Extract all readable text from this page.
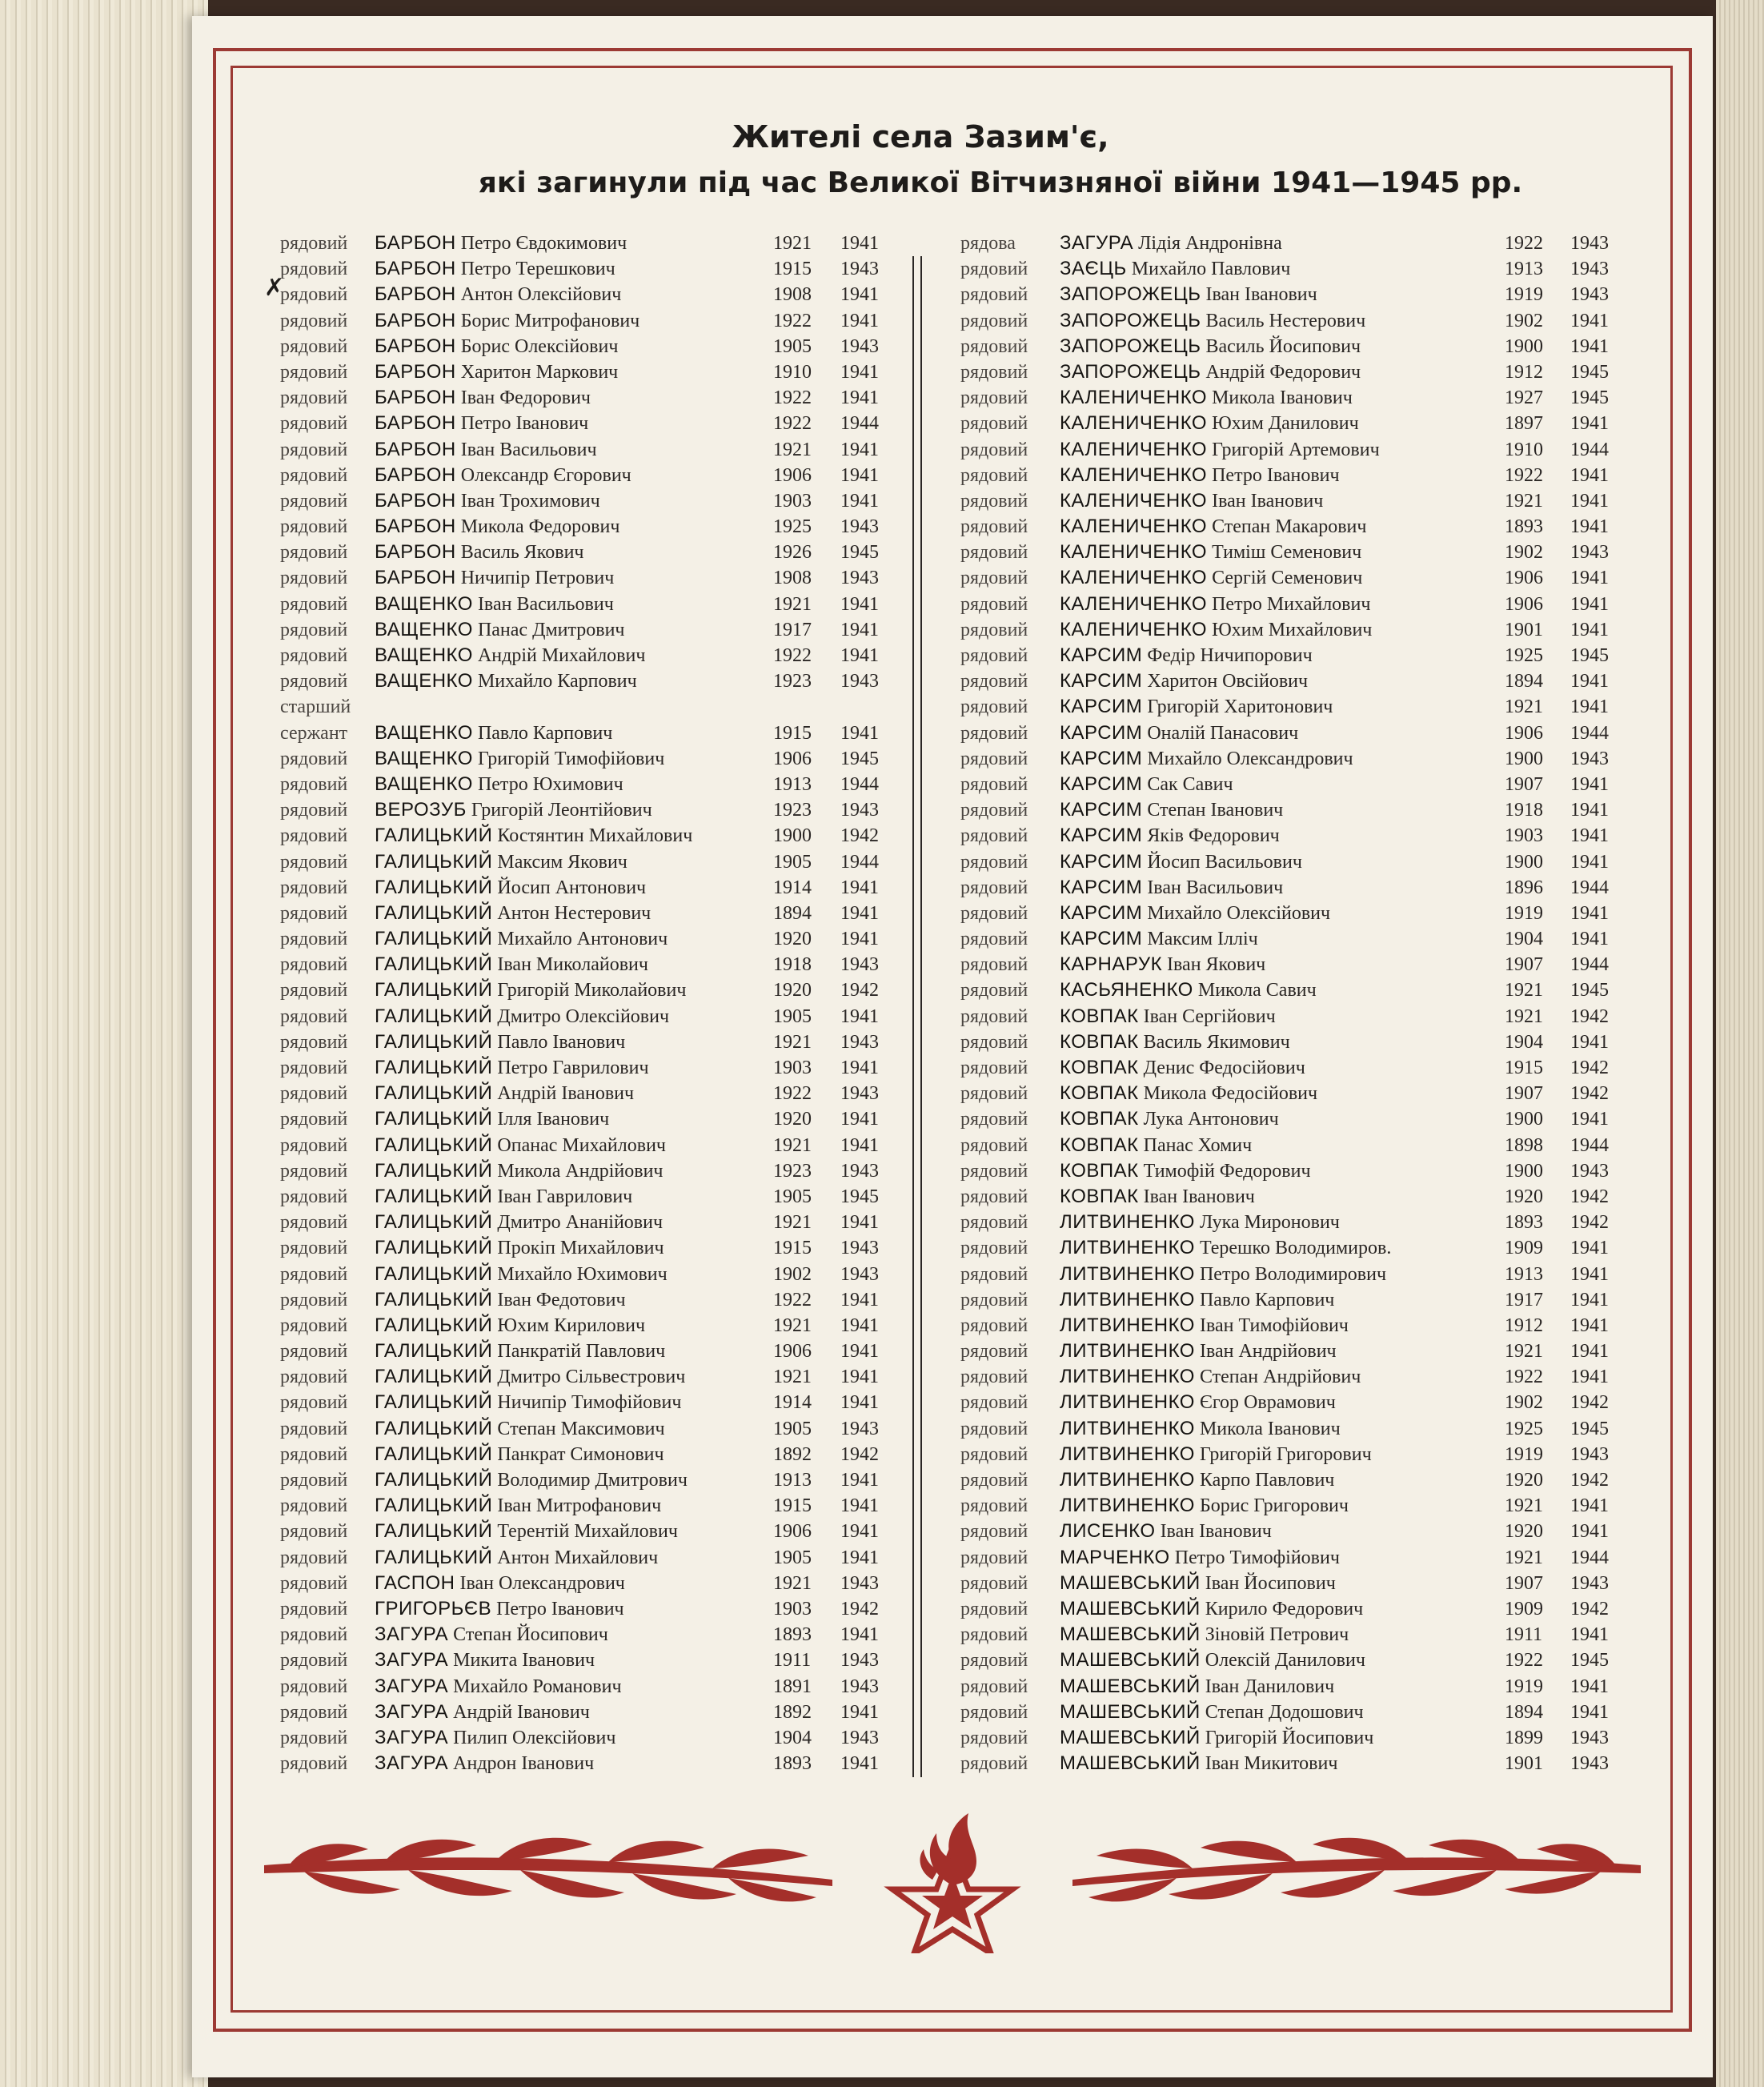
Жителі села Зазим'є,
які загинули під час Великої Вітчизняної війни 1941—1945 рр.
рядовий БАРБОН Петро Євдокимович	1921 1941
рядовий БАРБОН Петро Терешкович	1915 1943
рядовий БАРБОН Антон Олексійович	1908 1941
рядовий БАРБОН Борис Митрофанович	1922 1941
рядовий БАРБОН Борис Олексійович	1905 1943
рядовий БАРБОН Харитон Маркович	1910 1941
рядовий БАРБОН Іван Федорович	1922 1941
рядовий БАРБОН Петро Іванович	1922 1944
рядовий БАРБОН Іван Васильович	1921 1941
рядовий БАРБОН Олександр Єгорович	1906 1941
рядовий БАРБОН Іван Трохимович	1903 1941
рядовий БАРБОН Микола Федорович	1925 1943
рядовий БАРБОН Василь Якович	1926 1945
рядовий БАРБОН Ничипір Петрович	1908 1943
рядовий ВАЩЕНКО Іван Васильович	1921 1941
рядовий ВАЩЕНКО Панас Дмитрович	1917 1941
рядовий ВАЩЕНКО Андрій Михайлович	1922 1941
рядовий ВАЩЕНКО Михайло Карпович	1923 1943
старший
сержант ВАЩЕНКО Павло Карпович	1915 1941
рядовий ВАЩЕНКО Григорій Тимофійович	1906 1945
рядовий ВАЩЕНКО Петро Юхимович	1913 1944
рядовий ВЕРОЗУБ Григорій Леонтійович	1923 1943
рядовий ГАЛИЦЬКИЙ Костянтин Михайлович	1900 1942
рядовий ГАЛИЦЬКИЙ Максим Якович	1905 1944
рядовий ГАЛИЦЬКИЙ Йосип Антонович	1914 1941
рядовий ГАЛИЦЬКИЙ Антон Нестерович	1894 1941
рядовий ГАЛИЦЬКИЙ Михайло Антонович	1920 1941
рядовий ГАЛИЦЬКИЙ Іван Миколайович	1918 1943
рядовий ГАЛИЦЬКИЙ Григорій Миколайович	1920 1942
рядовий ГАЛИЦЬКИЙ Дмитро Олексійович	1905 1941
рядовий ГАЛИЦЬКИЙ Павло Іванович	1921 1943
рядовий ГАЛИЦЬКИЙ Петро Гаврилович	1903 1941
рядовий ГАЛИЦЬКИЙ Андрій Іванович	1922 1943
рядовий ГАЛИЦЬКИЙ Ілля Іванович	1920 1941
рядовий ГАЛИЦЬКИЙ Опанас Михайлович	1921 1941
рядовий ГАЛИЦЬКИЙ Микола Андрійович	1923 1943
рядовий ГАЛИЦЬКИЙ Іван Гаврилович	1905 1945
рядовий ГАЛИЦЬКИЙ Дмитро Ананійович	1921 1941
рядовий ГАЛИЦЬКИЙ Прокіп Михайлович	1915 1943
рядовий ГАЛИЦЬКИЙ Михайло Юхимович	1902 1943
рядовий ГАЛИЦЬКИЙ Іван Федотович	1922 1941
рядовий ГАЛИЦЬКИЙ Юхим Кирилович	1921 1941
рядовий ГАЛИЦЬКИЙ Панкратій Павлович	1906 1941
рядовий ГАЛИЦЬКИЙ Дмитро Сільвестрович	1921 1941
рядовий ГАЛИЦЬКИЙ Ничипір Тимофійович	1914 1941
рядовий ГАЛИЦЬКИЙ Степан Максимович	1905 1943
рядовий ГАЛИЦЬКИЙ Панкрат Симонович	1892 1942
рядовий ГАЛИЦЬКИЙ Володимир Дмитрович	1913 1941
рядовий ГАЛИЦЬКИЙ Іван Митрофанович	1915 1941
рядовий ГАЛИЦЬКИЙ Терентій Михайлович	1906 1941
рядовий ГАЛИЦЬКИЙ Антон Михайлович	1905 1941
рядовий ГАСПОН Іван Олександрович	1921 1943
рядовий ГРИГОРЬЄВ Петро Іванович	1903 1942
рядовий ЗАГУРА Степан Йосипович	1893 1941
рядовий ЗАГУРА Микита Іванович	1911 1943
рядовий ЗАГУРА Михайло Романович	1891 1943
рядовий ЗАГУРА Андрій Іванович	1892 1941
рядовий ЗАГУРА Пилип Олексійович	1904 1943
рядовий ЗАГУРА Андрон Іванович	1893 1941
рядова ЗАГУРА Лідія Андронівна	1922 1943
рядовий ЗАЄЦЬ Михайло Павлович	1913 1943
рядовий ЗАПОРОЖЕЦЬ Іван Іванович	1919 1943
рядовий ЗАПОРОЖЕЦЬ Василь Нестерович	1902 1941
рядовий ЗАПОРОЖЕЦЬ Василь Йосипович	1900 1941
рядовий ЗАПОРОЖЕЦЬ Андрій Федорович	1912 1945
рядовий КАЛЕНИЧЕНКО Микола Іванович	1927 1945
рядовий КАЛЕНИЧЕНКО Юхим Данилович	1897 1941
рядовий КАЛЕНИЧЕНКО Григорій Артемович	1910 1944
рядовий КАЛЕНИЧЕНКО Петро Іванович	1922 1941
рядовий КАЛЕНИЧЕНКО Іван Іванович	1921 1941
рядовий КАЛЕНИЧЕНКО Степан Макарович	1893 1941
рядовий КАЛЕНИЧЕНКО Тиміш Семенович	1902 1943
рядовий КАЛЕНИЧЕНКО Сергій Семенович	1906 1941
рядовий КАЛЕНИЧЕНКО Петро Михайлович	1906 1941
рядовий КАЛЕНИЧЕНКО Юхим Михайлович	1901 1941
рядовий КАРСИМ Федір Ничипорович	1925 1945
рядовий КАРСИМ Харитон Овсійович	1894 1941
рядовий КАРСИМ Григорій Харитонович	1921 1941
рядовий КАРСИМ Оналій Панасович	1906 1944
рядовий КАРСИМ Михайло Олександрович	1900 1943
рядовий КАРСИМ Сак Савич	1907 1941
рядовий КАРСИМ Степан Іванович	1918 1941
рядовий КАРСИМ Яків Федорович	1903 1941
рядовий КАРСИМ Йосип Васильович	1900 1941
рядовий КАРСИМ Іван Васильович	1896 1944
рядовий КАРСИМ Михайло Олексійович	1919 1941
рядовий КАРСИМ Максим Ілліч	1904 1941
рядовий КАРНАРУК Іван Якович	1907 1944
рядовий КАСЬЯНЕНКО Микола Савич	1921 1945
рядовий КОВПАК Іван Сергійович	1921 1942
рядовий КОВПАК Василь Якимович	1904 1941
рядовий КОВПАК Денис Федосійович	1915 1942
рядовий КОВПАК Микола Федосійович	1907 1942
рядовий КОВПАК Лука Антонович	1900 1941
рядовий КОВПАК Панас Хомич	1898 1944
рядовий КОВПАК Тимофій Федорович	1900 1943
рядовий КОВПАК Іван Іванович	1920 1942
рядовий ЛИТВИНЕНКО Лука Миронович	1893 1942
рядовий ЛИТВИНЕНКО Терешко Володимиров.	1909 1941
рядовий ЛИТВИНЕНКО Петро Володимирович	1913 1941
рядовий ЛИТВИНЕНКО Павло Карпович	1917 1941
рядовий ЛИТВИНЕНКО Іван Тимофійович	1912 1941
рядовий ЛИТВИНЕНКО Іван Андрійович	1921 1941
рядовий ЛИТВИНЕНКО Степан Андрійович	1922 1941
рядовий ЛИТВИНЕНКО Єгор Оврамович	1902 1942
рядовий ЛИТВИНЕНКО Микола Іванович	1925 1945
рядовий ЛИТВИНЕНКО Григорій Григорович	1919 1943
рядовий ЛИТВИНЕНКО Карпо Павлович	1920 1942
рядовий ЛИТВИНЕНКО Борис Григорович	1921 1941
рядовий ЛИСЕНКО Іван Іванович	1920 1941
рядовий МАРЧЕНКО Петро Тимофійович	1921 1944
рядовий МАШЕВСЬКИЙ Іван Йосипович	1907 1943
рядовий МАШЕВСЬКИЙ Кирило Федорович	1909 1942
рядовий МАШЕВСЬКИЙ Зіновій Петрович	1911 1941
рядовий МАШЕВСЬКИЙ Олексій Данилович	1922 1945
рядовий МАШЕВСЬКИЙ Іван Данилович	1919 1941
рядовий МАШЕВСЬКИЙ Степан Додошович	1894 1941
рядовий МАШЕВСЬКИЙ Григорій Йосипович	1899 1943
рядовий МАШЕВСЬКИЙ Іван Микитович	1901 1943
✗
